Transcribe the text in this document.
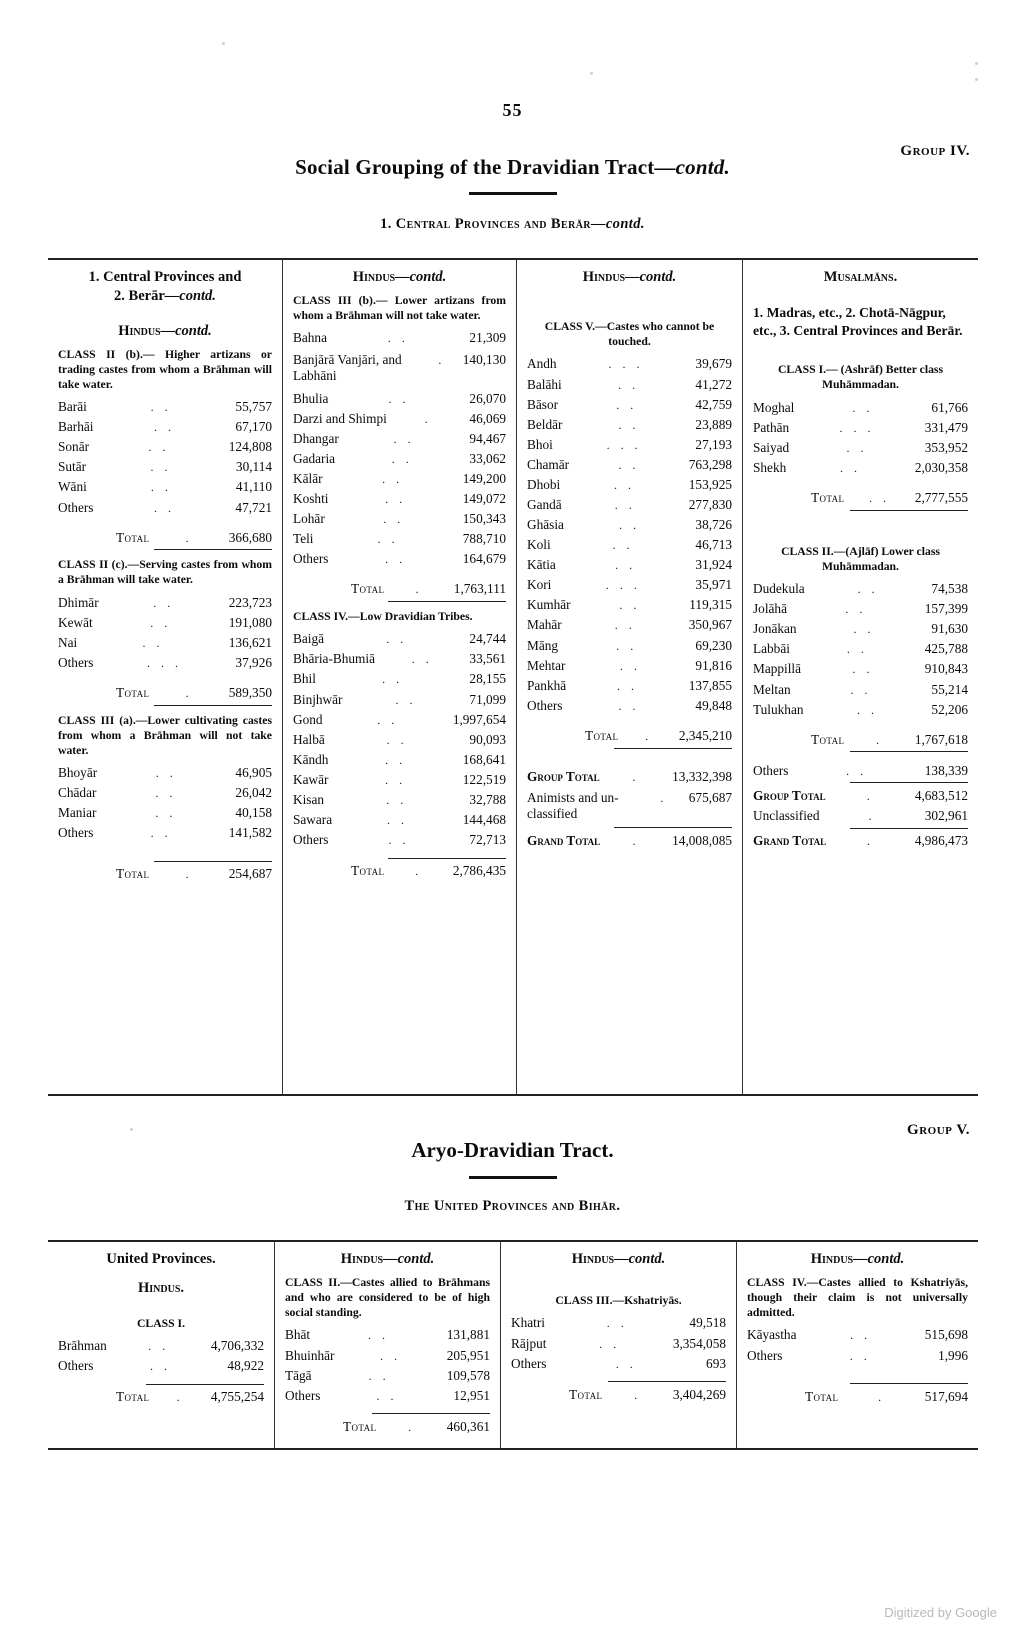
55
Group IV.
Social Grouping of the Dravidian Tract—contd.
1. Central Provinces and Berār—contd.
1. Central Provinces and
2. Berār—contd.
Hindus—contd.
CLASS II (b).— Higher artizans or trading castes from whom a Brāhman will take water.
Barāi	. .	55,757
Barhāi	. .	67,170
Sonār	. .	124,808
Sutār	. .	30,114
Wāni	. .	41,110
Others	. .	47,721
Total	.	366,680
CLASS II (c).—Serving castes from whom a Brāhman will take water.
Dhimār	. .	223,723
Kewāt	. .	191,080
Nai	. .	136,621
Others	. . .	37,926
Total	.	589,350
CLASS III (a).—Lower cultivating castes from whom a Brāhman will not take water.
Bhoyār	. .	46,905
Chādar	. .	26,042
Maniar	. .	40,158
Others	. .	141,582
Total	.	254,687
Hindus—contd.
CLASS III (b).— Lower artizans from whom a Brāhman will not take water.
Bahna	. .	21,309
Banjārā Vanjāri, and Labhāni
.	140,130
Bhulia	. .	26,070
Darzi and Shimpi	.	46,069
Dhangar	. .	94,467
Gadaria	. .	33,062
Kālār	. .	149,200
Koshti	. .	149,072
Lohār	. .	150,343
Teli	. .	788,710
Others	. .	164,679
Total	.	1,763,111
CLASS IV.—Low Dravidian Tribes.
Baigā	. .	24,744
Bhāria-Bhumiā	. .	33,561
Bhil	. .	28,155
Binjhwār	. .	71,099
Gond	. .	1,997,654
Halbā	. .	90,093
Kāndh	. .	168,641
Kawār	. .	122,519
Kisan	. .	32,788
Sawara	. .	144,468
Others	. .	72,713
Total	.	2,786,435
Hindus—contd.
CLASS V.—Castes who cannot be touched.
Andh	. . .	39,679
Balāhi	. .	41,272
Bāsor	. .	42,759
Beldār	. .	23,889
Bhoi	. . .	27,193
Chamār	. .	763,298
Dhobi	. .	153,925
Gandā	. .	277,830
Ghāsia	. .	38,726
Koli	. .	46,713
Kātia	. .	31,924
Kori	. . .	35,971
Kumhār	. .	119,315
Mahār	. .	350,967
Māng	. .	69,230
Mehtar	. .	91,816
Pankhā	. .	137,855
Others	. .	49,848
Total	.	2,345,210
Group Total	.	13,332,398
Animists and un-classified
.	675,687
Grand Total	.	14,008,085
Musalmāns.
1. Madras, etc., 2. Chotā-Nāgpur, etc., 3. Central Provinces and Berār.
CLASS I.— (Ashrāf) Better class Muhāmmadan.
Moghal	. .	61,766
Pathān	. . .	331,479
Saiyad	. .	353,952
Shekh	. .	2,030,358
Total	. .	2,777,555
CLASS II.—(Ajlāf) Lower class Muhāmmadan.
Dudekula	. .	74,538
Jolāhā	. .	157,399
Jonākan	. .	91,630
Labbāi	. .	425,788
Mappillā	. .	910,843
Meltan	. .	55,214
Tulukhan	. .	52,206
Total	.	1,767,618
Others	. .	138,339
Group Total	.	4,683,512
Unclassified	.	302,961
Grand Total	.	4,986,473
Group V.
Aryo-Dravidian Tract.
The United Provinces and Bihār.
United Provinces.
Hindus.
CLASS I.
Brāhman	. .	4,706,332
Others	. .	48,922
Total	.	4,755,254
Hindus—contd.
CLASS II.—Castes allied to Brāhmans and who are considered to be of high social standing.
Bhāt	. .	131,881
Bhuinhār	. .	205,951
Tāgā	. .	109,578
Others	. .	12,951
Total	.	460,361
Hindus—contd.
CLASS III.—Kshatriyās.
Khatri	. .	49,518
Rājput	. .	3,354,058
Others	. .	693
Total	.	3,404,269
Hindus—contd.
CLASS IV.—Castes allied to Kshatriyās, though their claim is not universally admitted.
Kāyastha	. .	515,698
Others	. .	1,996
Total	.	517,694
Digitized by Google
